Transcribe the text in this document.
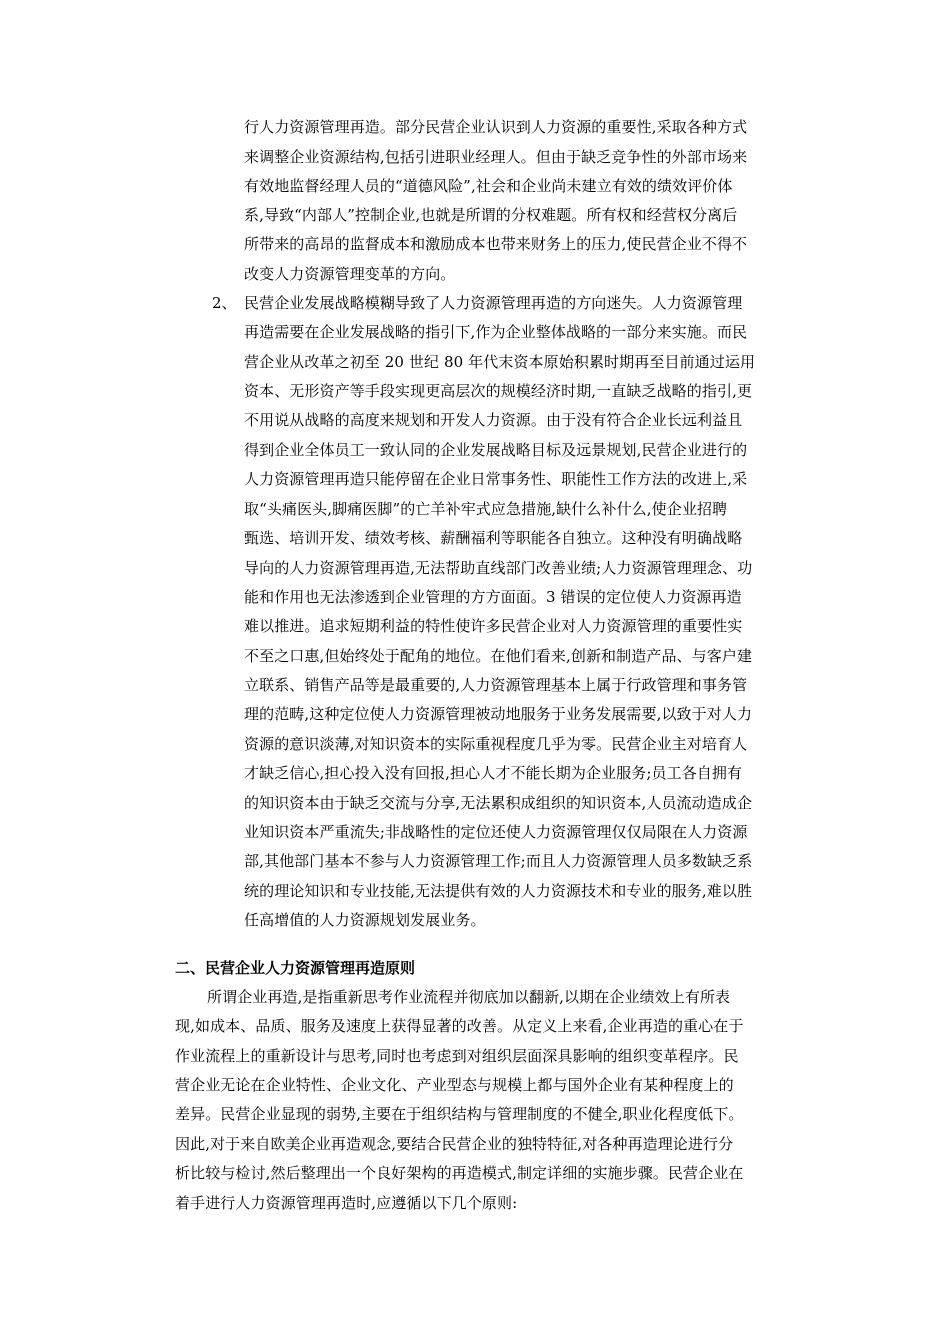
行人力资源管理再造。部分民营企业认识到人力资源的重要性,采取各种方式
来调整企业资源结构,包括引进职业经理人。但由于缺乏竞争性的外部市场来
有效地监督经理人员的“道德风险”,社会和企业尚未建立有效的绩效评价体
系,导致“内部人”控制企业,也就是所谓的分权难题。所有权和经营权分离后
所带来的高昂的监督成本和激励成本也带来财务上的压力,使民营企业不得不
改变人力资源管理变革的方向。
2、 民营企业发展战略模糊导致了人力资源管理再造的方向迷失。人力资源管理
再造需要在企业发展战略的指引下,作为企业整体战略的一部分来实施。而民
营企业从改革之初至 20 世纪 80 年代末资本原始积累时期再至目前通过运用
资本、无形资产等手段实现更高层次的规模经济时期,一直缺乏战略的指引,更
不用说从战略的高度来规划和开发人力资源。由于没有符合企业长远利益且
得到企业全体员工一致认同的企业发展战略目标及远景规划,民营企业进行的
人力资源管理再造只能停留在企业日常事务性、职能性工作方法的改进上,采
取“头痛医头,脚痛医脚”的亡羊补牢式应急措施,缺什么补什么,使企业招聘
甄选、培训开发、绩效考核、薪酬福利等职能各自独立。这种没有明确战略
导向的人力资源管理再造,无法帮助直线部门改善业绩;人力资源管理理念、功
能和作用也无法渗透到企业管理的方方面面。3 错误的定位使人力资源再造
难以推进。追求短期利益的特性使许多民营企业对人力资源管理的重要性实
不至之口惠,但始终处于配角的地位。在他们看来,创新和制造产品、与客户建
立联系、销售产品等是最重要的,人力资源管理基本上属于行政管理和事务管
理的范畴,这种定位使人力资源管理被动地服务于业务发展需要,以致于对人力
资源的意识淡薄,对知识资本的实际重视程度几乎为零。民营企业主对培育人
才缺乏信心,担心投入没有回报,担心人才不能长期为企业服务;员工各自拥有
的知识资本由于缺乏交流与分享,无法累积成组织的知识资本,人员流动造成企
业知识资本严重流失;非战略性的定位还使人力资源管理仅仅局限在人力资源
部,其他部门基本不参与人力资源管理工作;而且人力资源管理人员多数缺乏系
统的理论知识和专业技能,无法提供有效的人力资源技术和专业的服务,难以胜
任高增值的人力资源规划发展业务。
二、民营企业人力资源管理再造原则
所谓企业再造,是指重新思考作业流程并彻底加以翻新,以期在企业绩效上有所表
现,如成本、品质、服务及速度上获得显著的改善。从定义上来看,企业再造的重心在于
作业流程上的重新设计与思考,同时也考虑到对组织层面深具影响的组织变革程序。民
营企业无论在企业特性、企业文化、产业型态与规模上都与国外企业有某种程度上的
差异。民营企业显现的弱势,主要在于组织结构与管理制度的不健全,职业化程度低下。
因此,对于来自欧美企业再造观念,要结合民营企业的独特特征,对各种再造理论进行分
析比较与检讨,然后整理出一个良好架构的再造模式,制定详细的实施步骤。民营企业在
着手进行人力资源管理再造时,应遵循以下几个原则:
